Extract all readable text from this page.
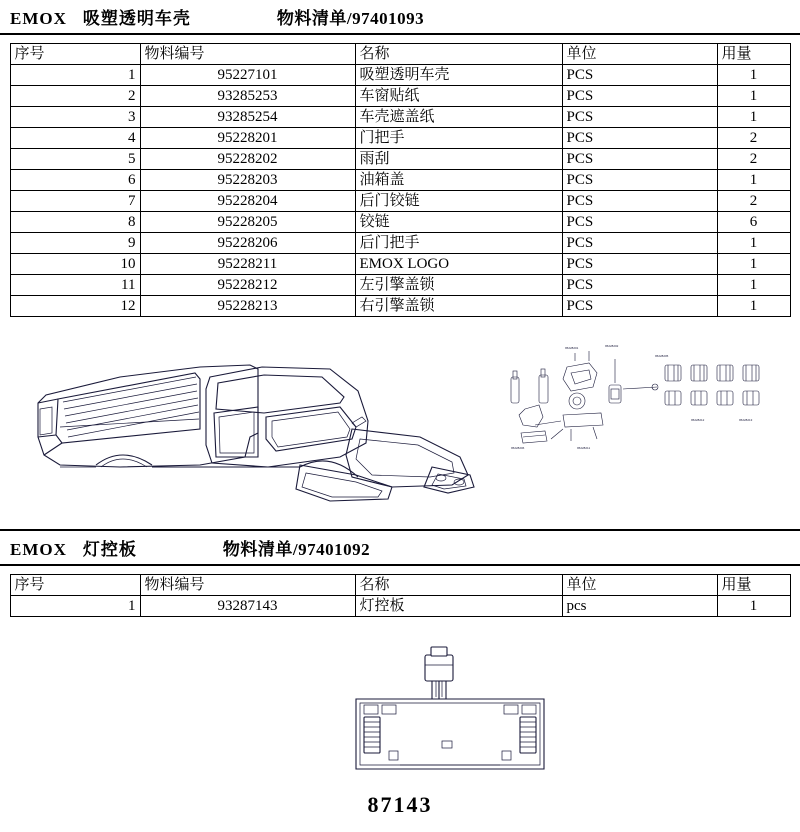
EMOX 吸塑透明车壳	物料清单/97401093
序号	物料编号	名称	单位	用量
1	95227101	吸塑透明车壳	PCS	1
2	93285253	车窗贴纸	PCS	1
3	93285254	车壳遮盖纸	PCS	1
4	95228201	门把手	PCS	2
5	95228202	雨刮	PCS	2
6	95228203	油箱盖	PCS	1
7	95228204	后门铰链	PCS	2
8	95228205	铰链	PCS	6
9	95228206	后门把手	PCS	1
10	95228211	EMOX LOGO	PCS	1
11	95228212	左引擎盖锁	PCS	1
12	95228213	右引擎盖锁	PCS	1
95228201	95228202
95228205
95228206	95228211
95228212	95228213
EMOX 灯控板	物料清单/97401092
序号	物料编号	名称	单位	用量
1	93287143	灯控板	pcs	1
87143
